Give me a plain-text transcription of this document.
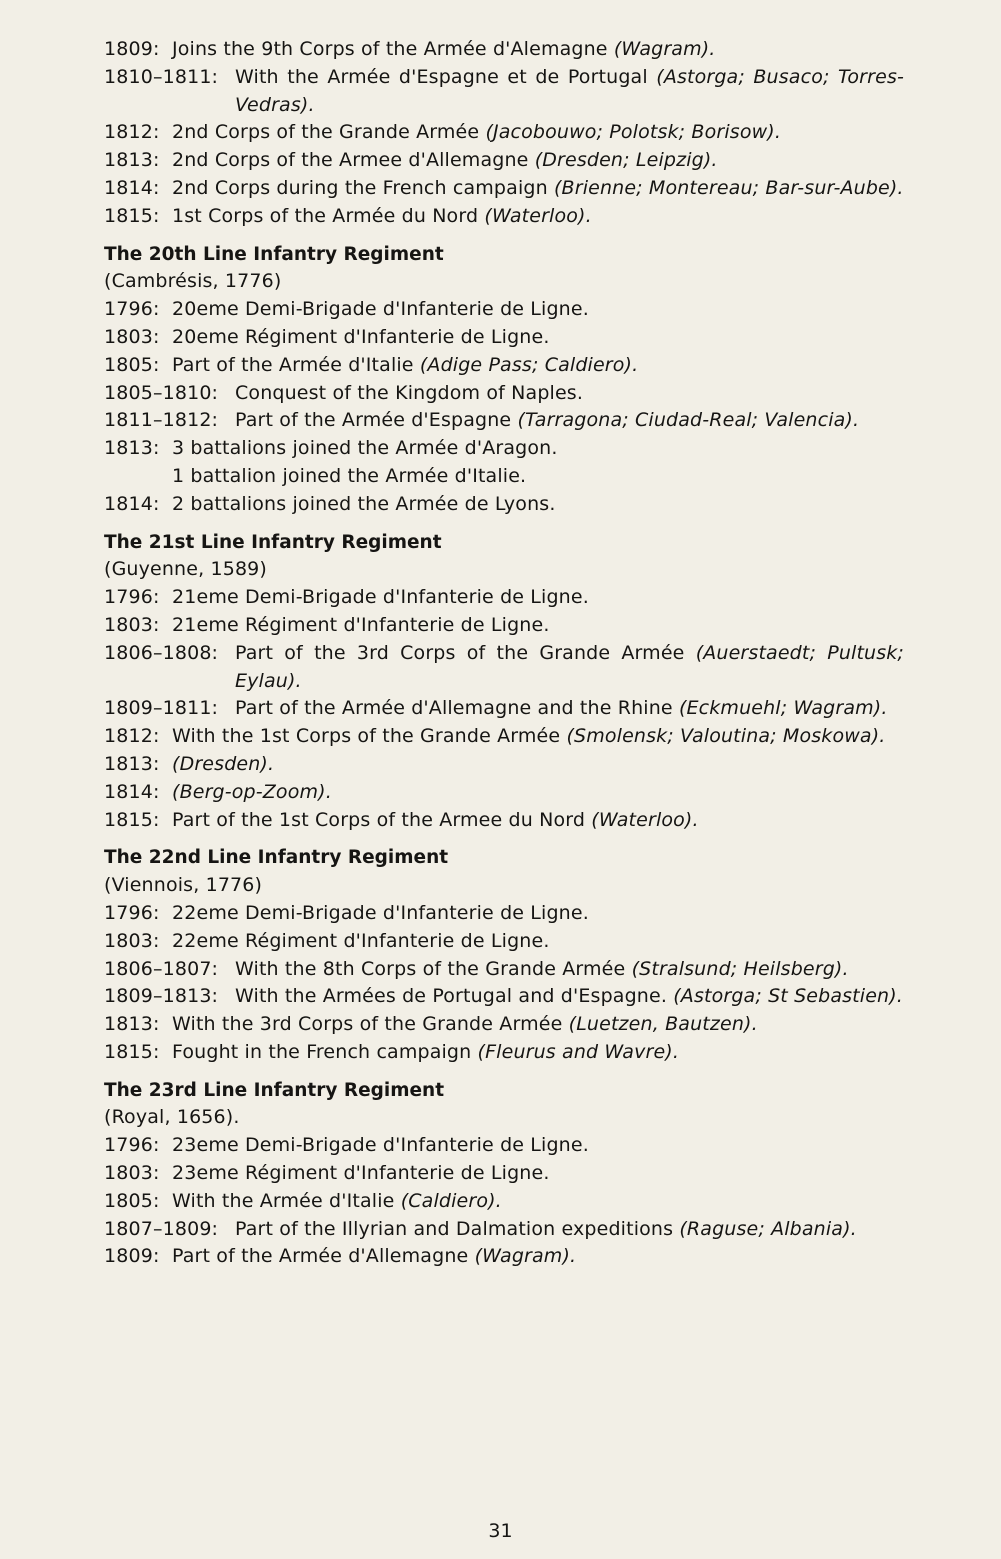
1809: Joins the 9th Corps of the Armée d'Alemagne (Wagram).
1810–1811: With the Armée d'Espagne et de Portugal (Astorga; Busaco; Torres-Vedras).
1812: 2nd Corps of the Grande Armée (Jacobouwo; Polotsk; Borisow).
1813: 2nd Corps of the Armee d'Allemagne (Dresden; Leipzig).
1814: 2nd Corps during the French campaign (Brienne; Montereau; Bar-sur-Aube).
1815: 1st Corps of the Armée du Nord (Waterloo).
The 20th Line Infantry Regiment
(Cambrésis, 1776)
1796: 20eme Demi-Brigade d'Infanterie de Ligne.
1803: 20eme Régiment d'Infanterie de Ligne.
1805: Part of the Armée d'Italie (Adige Pass; Caldiero).
1805–1810: Conquest of the Kingdom of Naples.
1811–1812: Part of the Armée d'Espagne (Tarragona; Ciudad-Real; Valencia).
1813: 3 battalions joined the Armée d'Aragon.
1 battalion joined the Armée d'Italie.
1814: 2 battalions joined the Armée de Lyons.
The 21st Line Infantry Regiment
(Guyenne, 1589)
1796: 21eme Demi-Brigade d'Infanterie de Ligne.
1803: 21eme Régiment d'Infanterie de Ligne.
1806–1808: Part of the 3rd Corps of the Grande Armée (Auerstaedt; Pultusk; Eylau).
1809–1811: Part of the Armée d'Allemagne and the Rhine (Eckmuehl; Wagram).
1812: With the 1st Corps of the Grande Armée (Smolensk; Valoutina; Moskowa).
1813: (Dresden).
1814: (Berg-op-Zoom).
1815: Part of the 1st Corps of the Armee du Nord (Waterloo).
The 22nd Line Infantry Regiment
(Viennois, 1776)
1796: 22eme Demi-Brigade d'Infanterie de Ligne.
1803: 22eme Régiment d'Infanterie de Ligne.
1806–1807: With the 8th Corps of the Grande Armée (Stralsund; Heilsberg).
1809–1813: With the Armées de Portugal and d'Espagne. (Astorga; St Sebastien).
1813: With the 3rd Corps of the Grande Armée (Luetzen, Bautzen).
1815: Fought in the French campaign (Fleurus and Wavre).
The 23rd Line Infantry Regiment
(Royal, 1656).
1796: 23eme Demi-Brigade d'Infanterie de Ligne.
1803: 23eme Régiment d'Infanterie de Ligne.
1805: With the Armée d'Italie (Caldiero).
1807–1809: Part of the Illyrian and Dalmation expeditions (Raguse; Albania).
1809: Part of the Armée d'Allemagne (Wagram).
31
